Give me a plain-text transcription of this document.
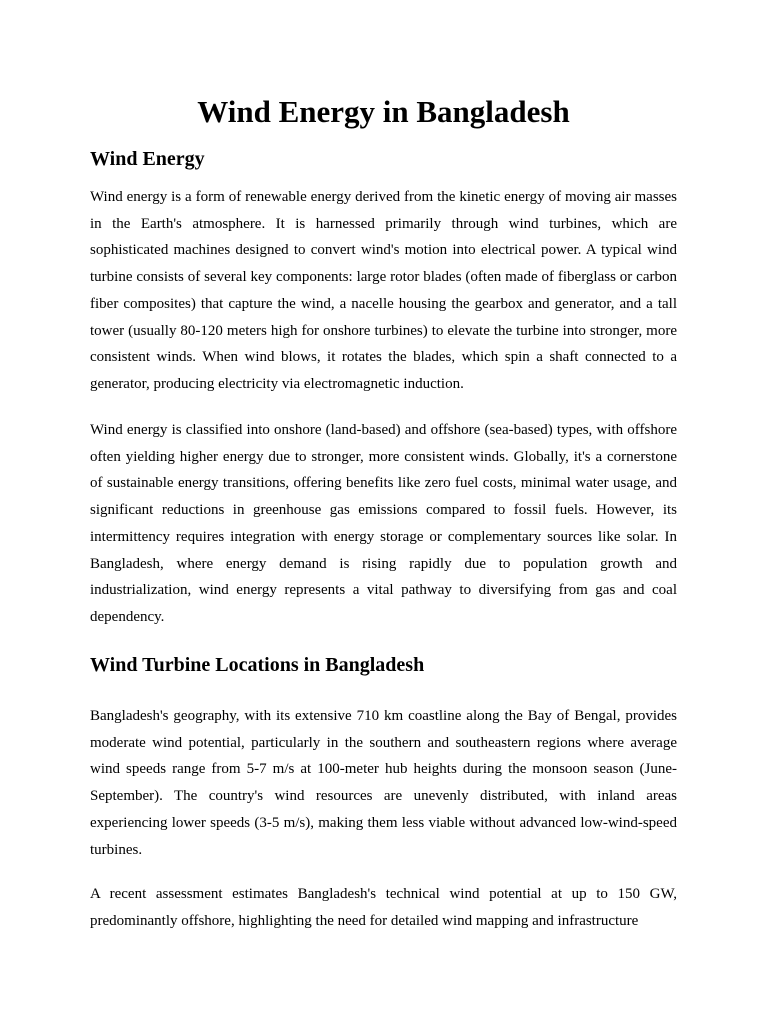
Wind Energy in Bangladesh
Wind Energy

Wind energy is a form of renewable energy derived from the kinetic energy of moving air masses in the Earth's atmosphere. It is harnessed primarily through wind turbines, which are sophisticated machines designed to convert wind's motion into electrical power. A typical wind turbine consists of several key components: large rotor blades (often made of fiberglass or carbon fiber composites) that capture the wind, a nacelle housing the gearbox and generator, and a tall tower (usually 80-120 meters high for onshore turbines) to elevate the turbine into stronger, more consistent winds. When wind blows, it rotates the blades, which spin a shaft connected to a generator, producing electricity via electromagnetic induction.

Wind energy is classified into onshore (land-based) and offshore (sea-based) types, with offshore often yielding higher energy due to stronger, more consistent winds. Globally, it's a cornerstone of sustainable energy transitions, offering benefits like zero fuel costs, minimal water usage, and significant reductions in greenhouse gas emissions compared to fossil fuels. However, its intermittency requires integration with energy storage or complementary sources like solar. In Bangladesh, where energy demand is rising rapidly due to population growth and industrialization, wind energy represents a vital pathway to diversifying from gas and coal dependency.

Wind Turbine Locations in Bangladesh

Bangladesh's geography, with its extensive 710 km coastline along the Bay of Bengal, provides moderate wind potential, particularly in the southern and southeastern regions where average wind speeds range from 5-7 m/s at 100-meter hub heights during the monsoon season (June-September). The country's wind resources are unevenly distributed, with inland areas experiencing lower speeds (3-5 m/s), making them less viable without advanced low-wind-speed turbines.

A recent assessment estimates Bangladesh's technical wind potential at up to 150 GW, predominantly offshore, highlighting the need for detailed wind mapping and infrastructure
